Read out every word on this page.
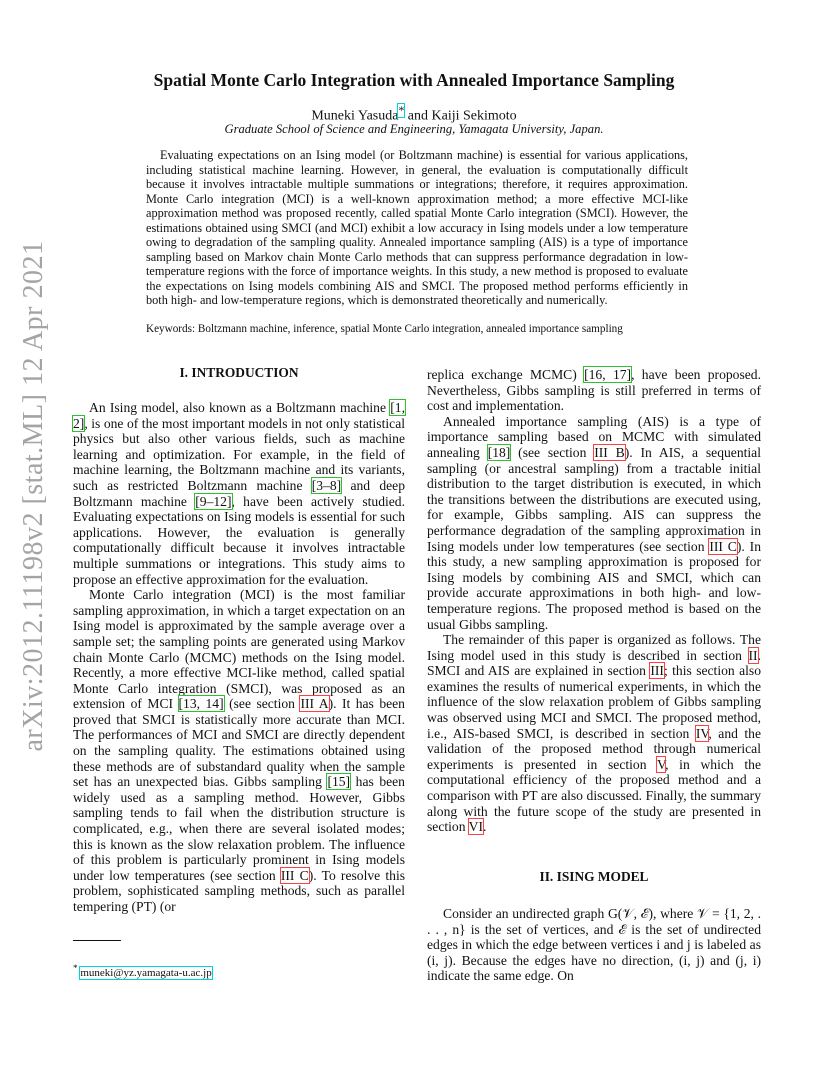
arXiv:2012.11198v2 [stat.ML] 12 Apr 2021
Spatial Monte Carlo Integration with Annealed Importance Sampling
Muneki Yasuda* and Kaiji Sekimoto
Graduate School of Science and Engineering, Yamagata University, Japan.
Evaluating expectations on an Ising model (or Boltzmann machine) is essential for various applications, including statistical machine learning. However, in general, the evaluation is computationally difficult because it involves intractable multiple summations or integrations; therefore, it requires approximation. Monte Carlo integration (MCI) is a well-known approximation method; a more effective MCI-like approximation method was proposed recently, called spatial Monte Carlo integration (SMCI). However, the estimations obtained using SMCI (and MCI) exhibit a low accuracy in Ising models under a low temperature owing to degradation of the sampling quality. Annealed importance sampling (AIS) is a type of importance sampling based on Markov chain Monte Carlo methods that can suppress performance degradation in low-temperature regions with the force of importance weights. In this study, a new method is proposed to evaluate the expectations on Ising models combining AIS and SMCI. The proposed method performs efficiently in both high- and low-temperature regions, which is demonstrated theoretically and numerically.
Keywords: Boltzmann machine, inference, spatial Monte Carlo integration, annealed importance sampling
I. INTRODUCTION

An Ising model, also known as a Boltzmann machine [1, 2], is one of the most important models in not only statistical physics but also other various fields, such as machine learning and optimization. For example, in the field of machine learning, the Boltzmann machine and its variants, such as restricted Boltzmann machine [3–8] and deep Boltzmann machine [9–12], have been actively studied. Evaluating expectations on Ising models is essential for such applications. However, the evaluation is generally computationally difficult because it involves intractable multiple summations or integrations. This study aims to propose an effective approximation for the evaluation.

Monte Carlo integration (MCI) is the most familiar sampling approximation, in which a target expectation on an Ising model is approximated by the sample average over a sample set; the sampling points are generated using Markov chain Monte Carlo (MCMC) methods on the Ising model. Recently, a more effective MCI-like method, called spatial Monte Carlo integration (SMCI), was proposed as an extension of MCI [13, 14] (see section III A). It has been proved that SMCI is statistically more accurate than MCI. The performances of MCI and SMCI are directly dependent on the sampling quality. The estimations obtained using these methods are of substandard quality when the sample set has an unexpected bias. Gibbs sampling [15] has been widely used as a sampling method. However, Gibbs sampling tends to fail when the distribution structure is complicated, e.g., when there are several isolated modes; this is known as the slow relaxation problem. The influence of this problem is particularly prominent in Ising models under low temperatures (see section III C). To resolve this problem, sophisticated sampling methods, such as parallel tempering (PT) (or

replica exchange MCMC) [16, 17], have been proposed. Nevertheless, Gibbs sampling is still preferred in terms of cost and implementation.

Annealed importance sampling (AIS) is a type of importance sampling based on MCMC with simulated annealing [18] (see section III B). In AIS, a sequential sampling (or ancestral sampling) from a tractable initial distribution to the target distribution is executed, in which the transitions between the distributions are executed using, for example, Gibbs sampling. AIS can suppress the performance degradation of the sampling approximation in Ising models under low temperatures (see section III C). In this study, a new sampling approximation is proposed for Ising models by combining AIS and SMCI, which can provide accurate approximations in both high- and low-temperature regions. The proposed method is based on the usual Gibbs sampling.

The remainder of this paper is organized as follows. The Ising model used in this study is described in section II. SMCI and AIS are explained in section III; this section also examines the results of numerical experiments, in which the influence of the slow relaxation problem of Gibbs sampling was observed using MCI and SMCI. The proposed method, i.e., AIS-based SMCI, is described in section IV, and the validation of the proposed method through numerical experiments is presented in section V, in which the computational efficiency of the proposed method and a comparison with PT are also discussed. Finally, the summary along with the future scope of the study are presented in section VI.

II. ISING MODEL

Consider an undirected graph G(𝒱, ℰ), where 𝒱 = {1, 2, . . . , n} is the set of vertices, and ℰ is the set of undirected edges in which the edge between vertices i and j is labeled as (i, j). Because the edges have no direction, (i, j) and (j, i) indicate the same edge. On

* muneki@yz.yamagata-u.ac.jp
